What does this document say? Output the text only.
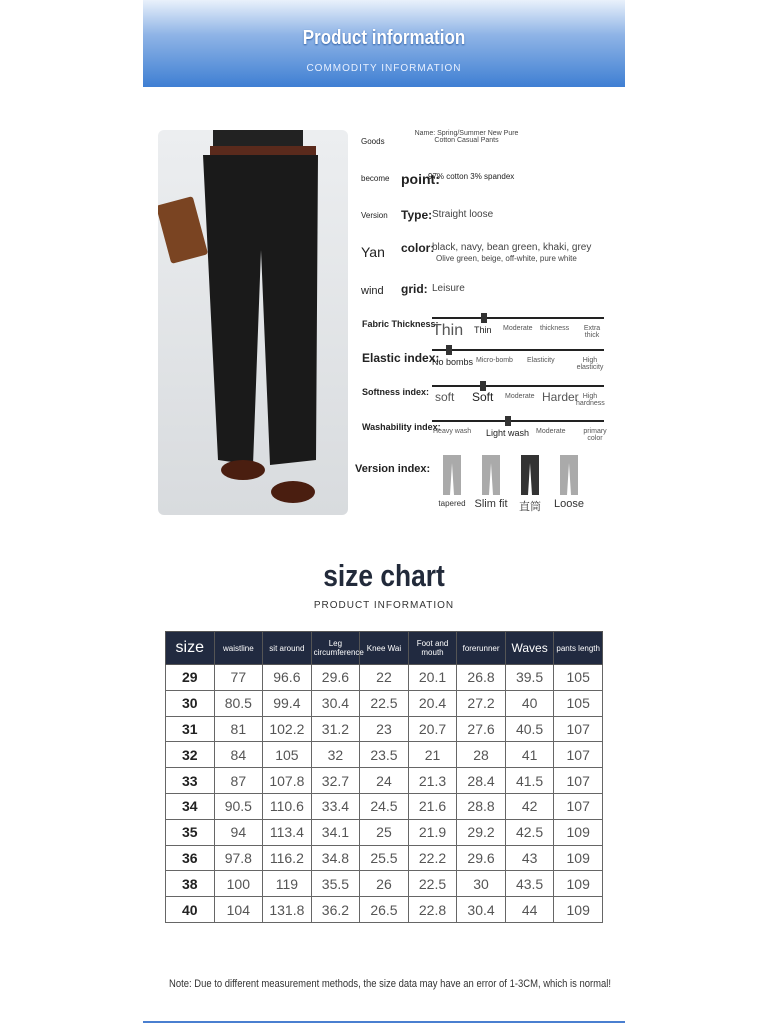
Product information
COMMODITY INFORMATION
Version index:
size chart
PRODUCT INFORMATION
size	waistline	sit around	Leg circumference	Knee Wai	Foot and mouth	forerunner	Waves	pants length
29	77	96.6	29.6	22	20.1	26.8	39.5	105
30	80.5	99.4	30.4	22.5	20.4	27.2	40	105
31	81	102.2	31.2	23	20.7	27.6	40.5	107
32	84	105	32	23.5	21	28	41	107
33	87	107.8	32.7	24	21.3	28.4	41.5	107
34	90.5	110.6	33.4	24.5	21.6	28.8	42	107
35	94	113.4	34.1	25	21.9	29.2	42.5	109
36	97.8	116.2	34.8	25.5	22.2	29.6	43	109
38	100	119	35.5	26	22.5	30	43.5	109
40	104	131.8	36.2	26.5	22.8	30.4	44	109
Note: Due to different measurement methods, the size data may have an error of 1-3CM, which is normal!
Goods
Name: Spring/Summer New Pure Cotton Casual Pants
become point:
97% cotton 3% spandex
Version Type: Straight loose
Yan color:
black, navy, bean green, khaki, grey
Olive green, beige, off-white, pure white
wind grid: Leisure
Fabric Thickness:
Thin Thin Moderate thickness	Extra thick
Elastic index:
No bombs Micro-bomb Elasticity	High elasticity
Softness index: soft Soft Moderate Harder High hardness
Washability index:
Heavy wash Light wash Moderate	primary color
tapered Slim fit	直筒	Loose
